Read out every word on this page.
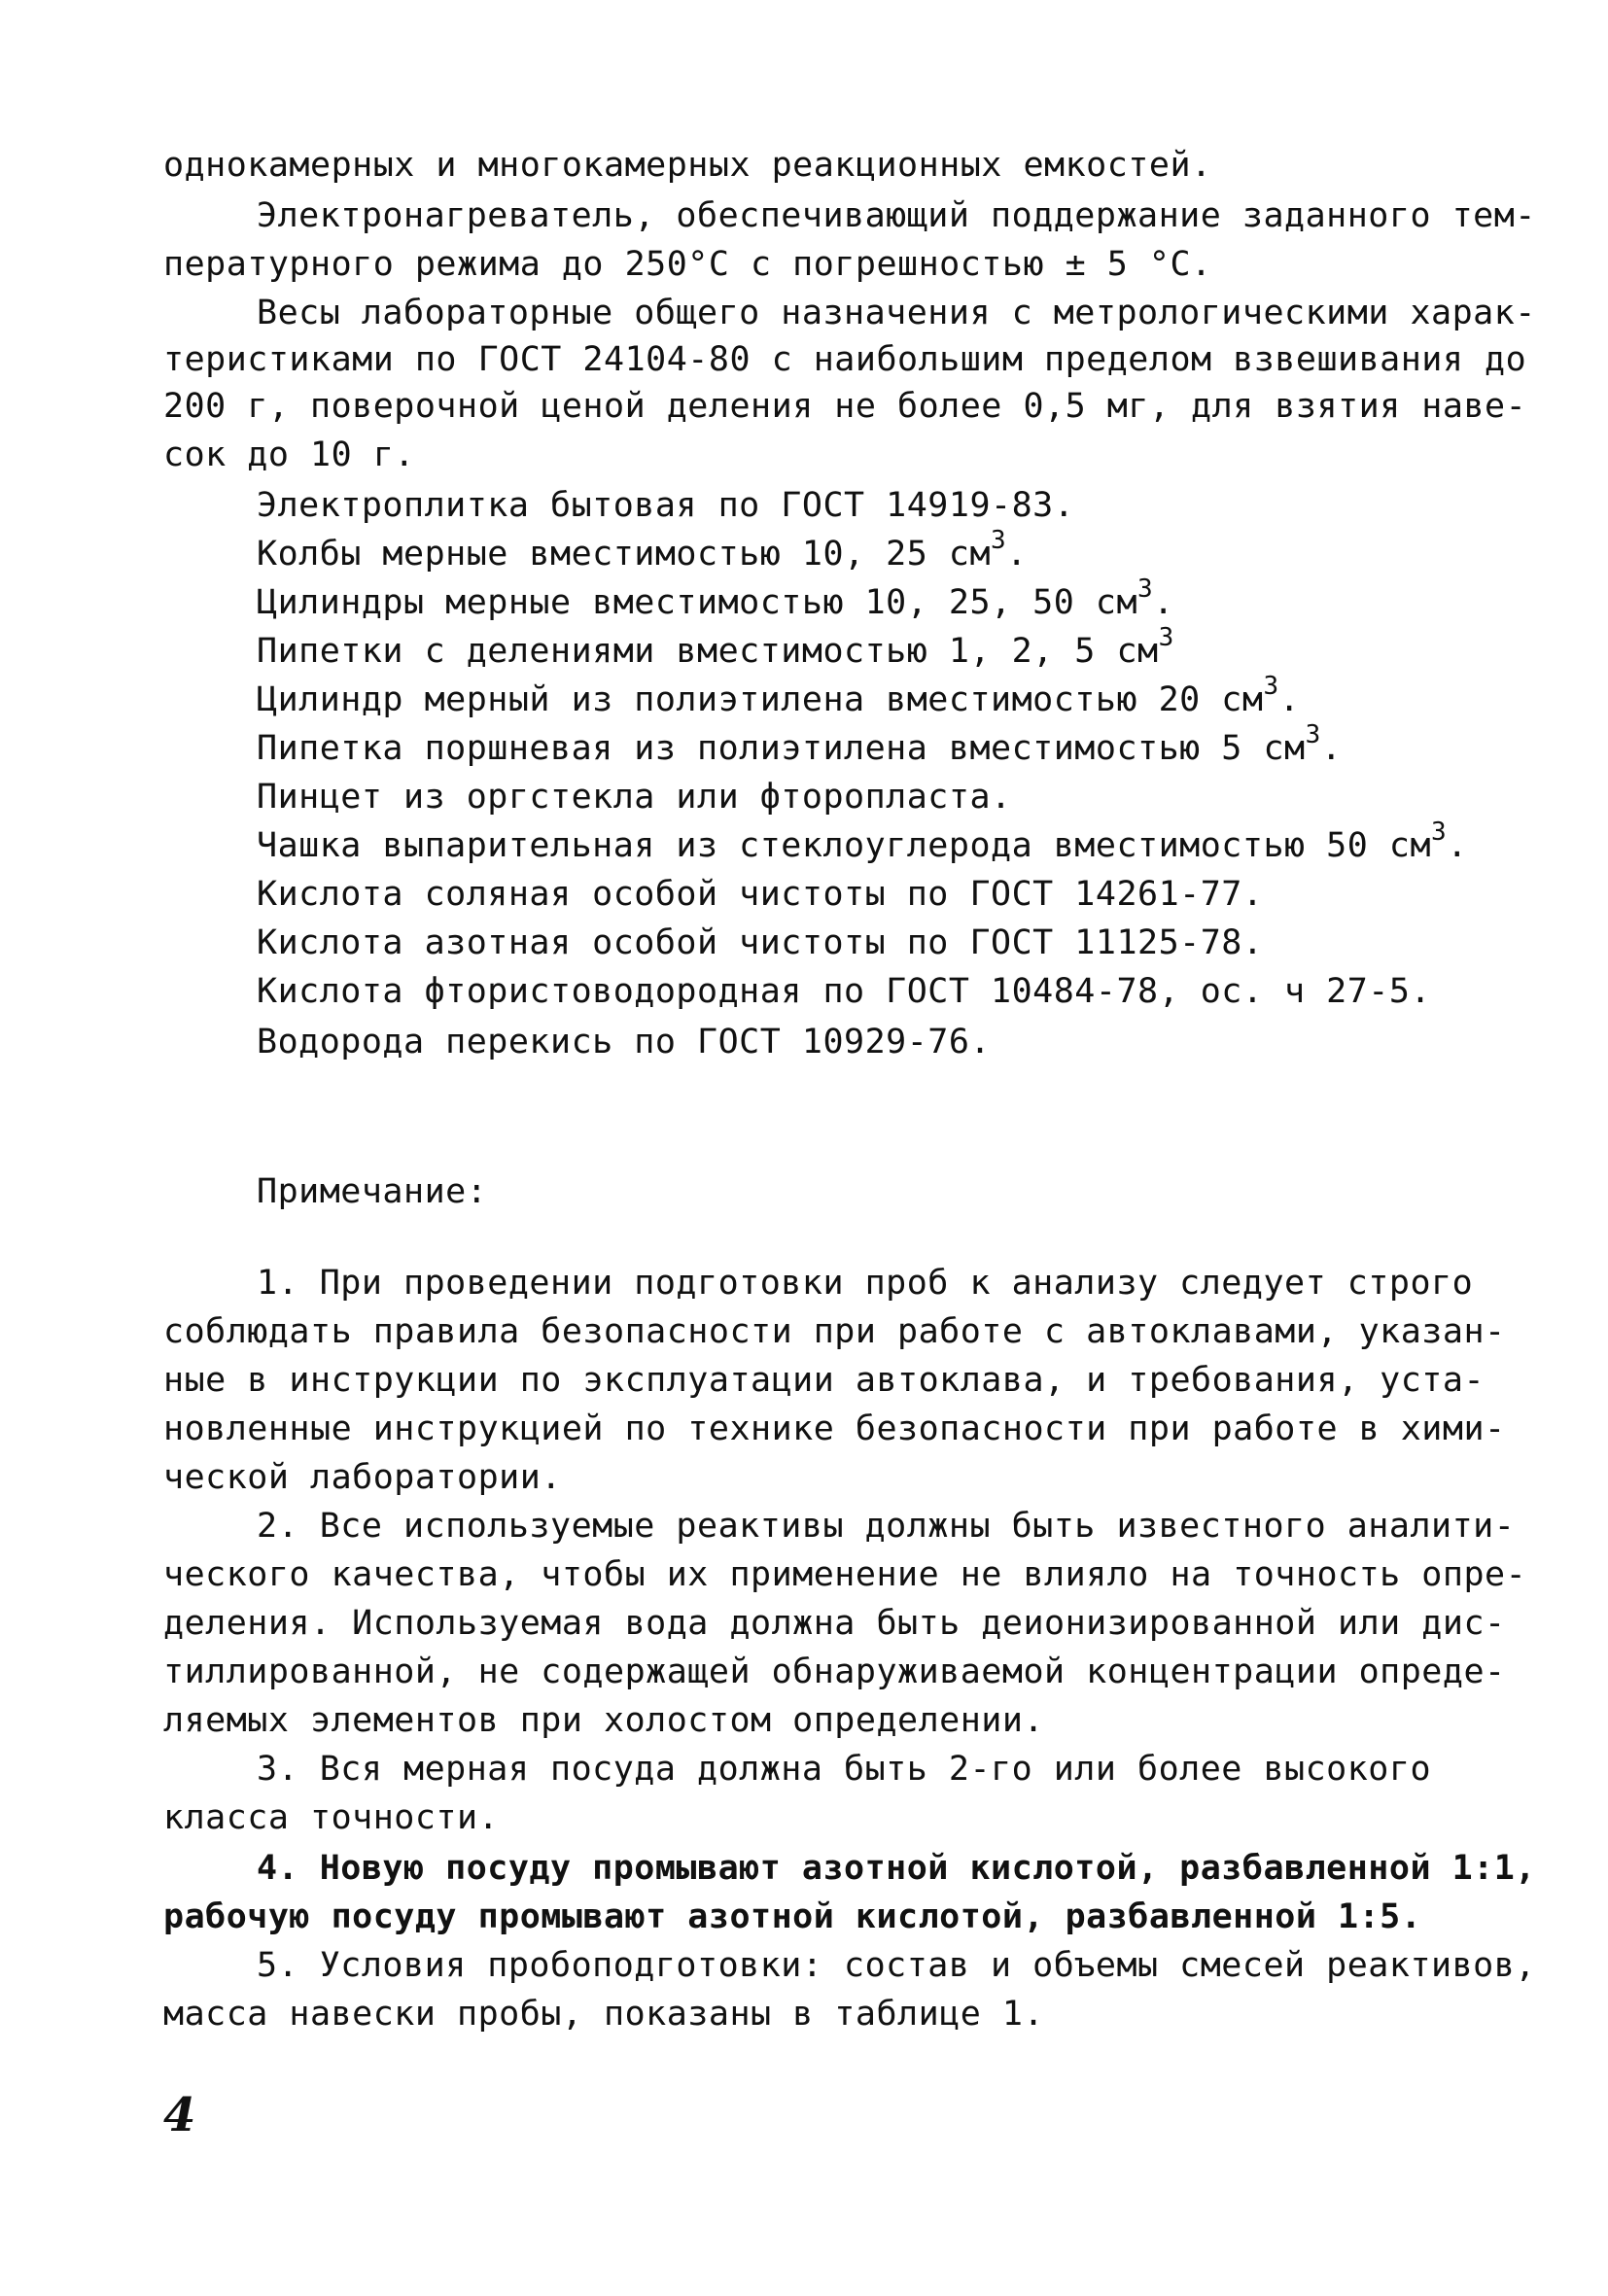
однокамерных и многокамерных реакционных емкостей.
Электронагреватель, обеспечивающий поддержание заданного тем-
пературного режима до 250°С с погрешностью ± 5 °С.
Весы лабораторные общего назначения с метрологическими харак-
теристиками по ГОСТ 24104-80 с наибольшим пределом взвешивания до
200 г, поверочной ценой деления не более 0,5 мг, для взятия наве-
сок до 10 г.
Электроплитка бытовая по ГОСТ 14919-83.
Колбы мерные вместимостью 10, 25 $см^3$.
Цилиндры мерные вместимостью 10, 25, 50 $см^3$.
Пипетки с делениями вместимостью 1, 2, 5 $см^3$
Цилиндр мерный из полиэтилена вместимостью 20 $см^3$.
Пипетка поршневая из полиэтилена вместимостью 5 $см^3$.
Пинцет из оргстекла или фторопласта.
Чашка выпарительная из стеклоуглерода вместимостью 50 $см^3$.
Кислота соляная особой чистоты по ГОСТ 14261-77.
Кислота азотная особой чистоты по ГОСТ 11125-78.
Кислота фтористоводородная по ГОСТ 10484-78, ос. ч 27-5.
Водорода перекись по ГОСТ 10929-76.
Примечание:
1. При проведении подготовки проб к анализу следует строго
соблюдать правила безопасности при работе с автоклавами, указан-
ные в инструкции по эксплуатации автоклава, и требования, уста-
новленные инструкцией по технике безопасности при работе в хими-
ческой лаборатории.
2. Все используемые реактивы должны быть известного аналити-
ческого качества, чтобы их применение не влияло на точность опре-
деления. Используемая вода должна быть деионизированной или дис-
тиллированной, не содержащей обнаруживаемой концентрации опреде-
ляемых элементов при холостом определении.
3. Вся мерная посуда должна быть 2-го или более высокого
класса точности.
4. Новую посуду промывают азотной кислотой, разбавленной 1:1,
рабочую посуду промывают азотной кислотой, разбавленной 1:5.
5. Условия пробоподготовки: состав и объемы смесей реактивов,
масса навески пробы, показаны в таблице 1.
4
